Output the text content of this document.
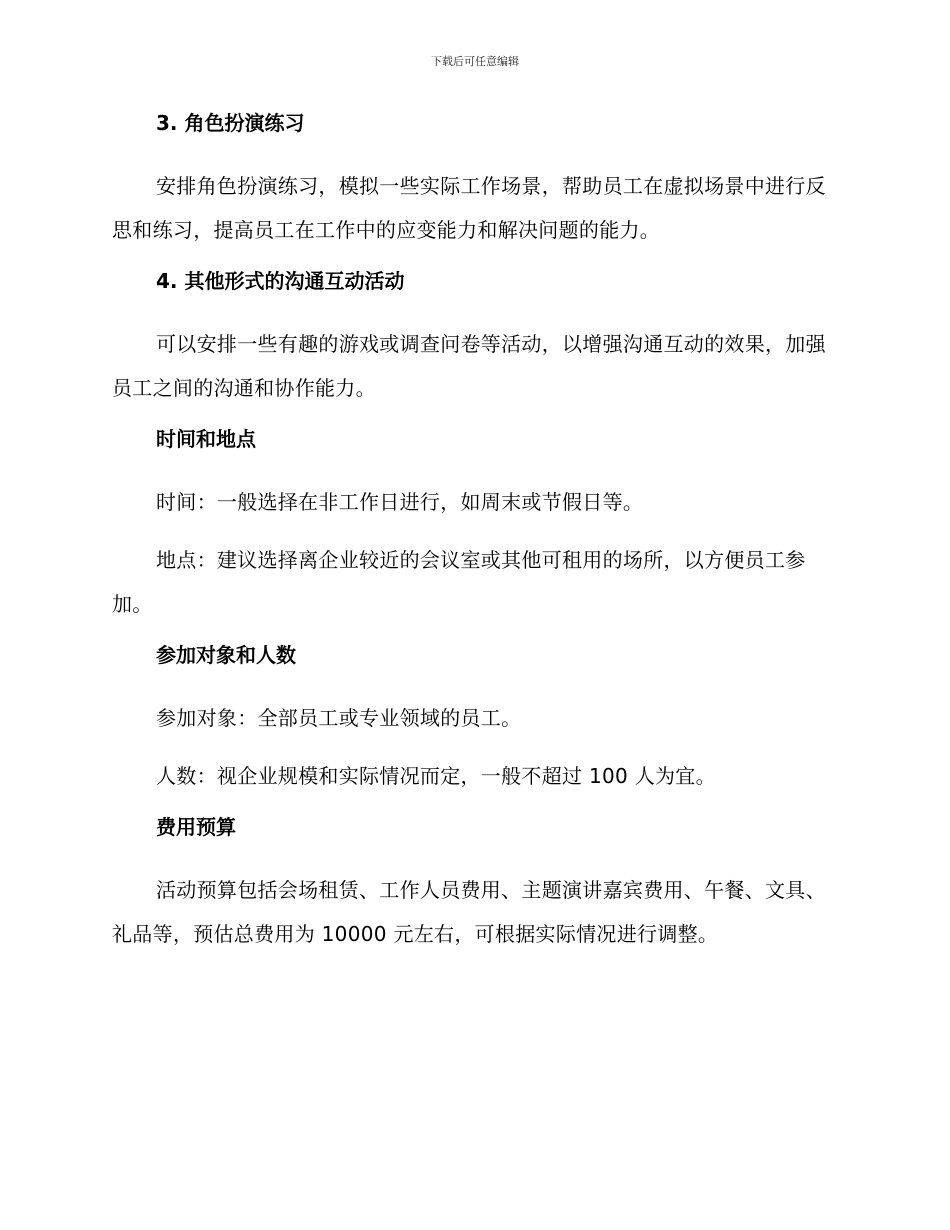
下载后可任意编辑
3. 角色扮演练习

安排角色扮演练习，模拟一些实际工作场景，帮助员工在虚拟场景中进行反思和练习，提高员工在工作中的应变能力和解决问题的能力。

4. 其他形式的沟通互动活动

可以安排一些有趣的游戏或调查问卷等活动，以增强沟通互动的效果，加强员工之间的沟通和协作能力。

时间和地点

时间：一般选择在非工作日进行，如周末或节假日等。

地点：建议选择离企业较近的会议室或其他可租用的场所，以方便员工参加。

参加对象和人数

参加对象：全部员工或专业领域的员工。

人数：视企业规模和实际情况而定，一般不超过 100 人为宜。

费用预算

活动预算包括会场租赁、工作人员费用、主题演讲嘉宾费用、午餐、文具、礼品等，预估总费用为 10000 元左右，可根据实际情况进行调整。
